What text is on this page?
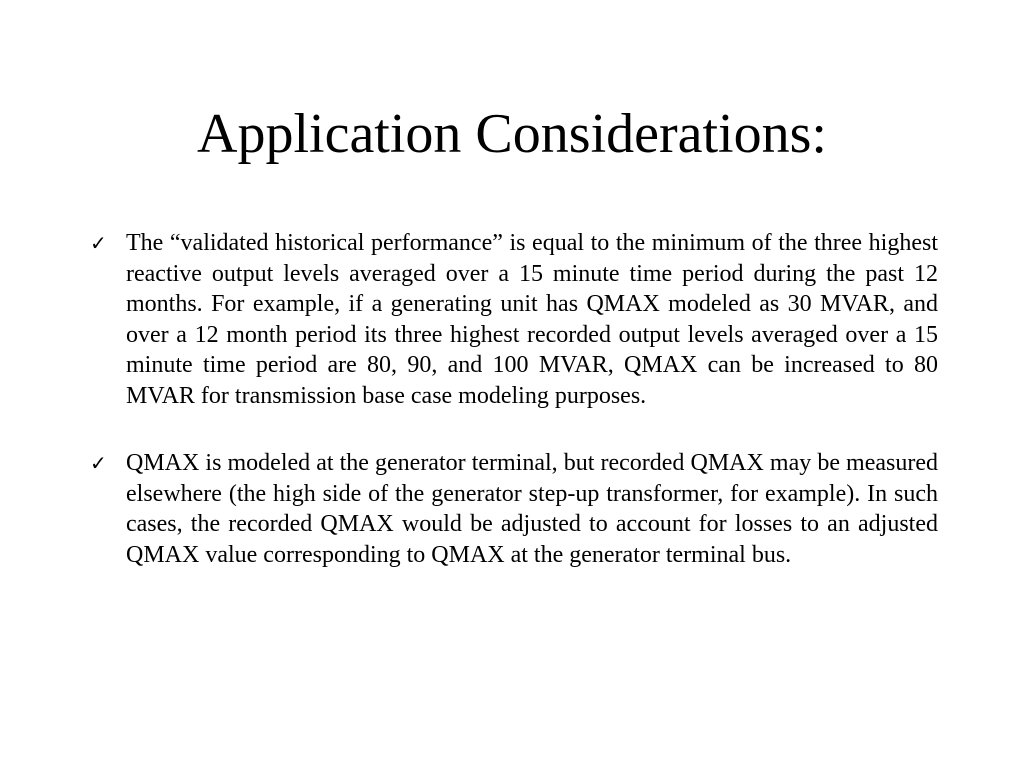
Application Considerations:
✓ The “validated historical performance” is equal to the minimum of the three highest reactive output levels averaged over a 15 minute time period during the past 12 months. For example, if a generating unit has QMAX modeled as 30 MVAR, and over a 12 month period its three highest recorded output levels averaged over a 15 minute time period are 80, 90, and 100 MVAR, QMAX can be increased to 80 MVAR for transmission base case modeling purposes.

✓ QMAX is modeled at the generator terminal, but recorded QMAX may be measured elsewhere (the high side of the generator step-up transformer, for example). In such cases, the recorded QMAX would be adjusted to account for losses to an adjusted QMAX value corresponding to QMAX at the generator terminal bus.
